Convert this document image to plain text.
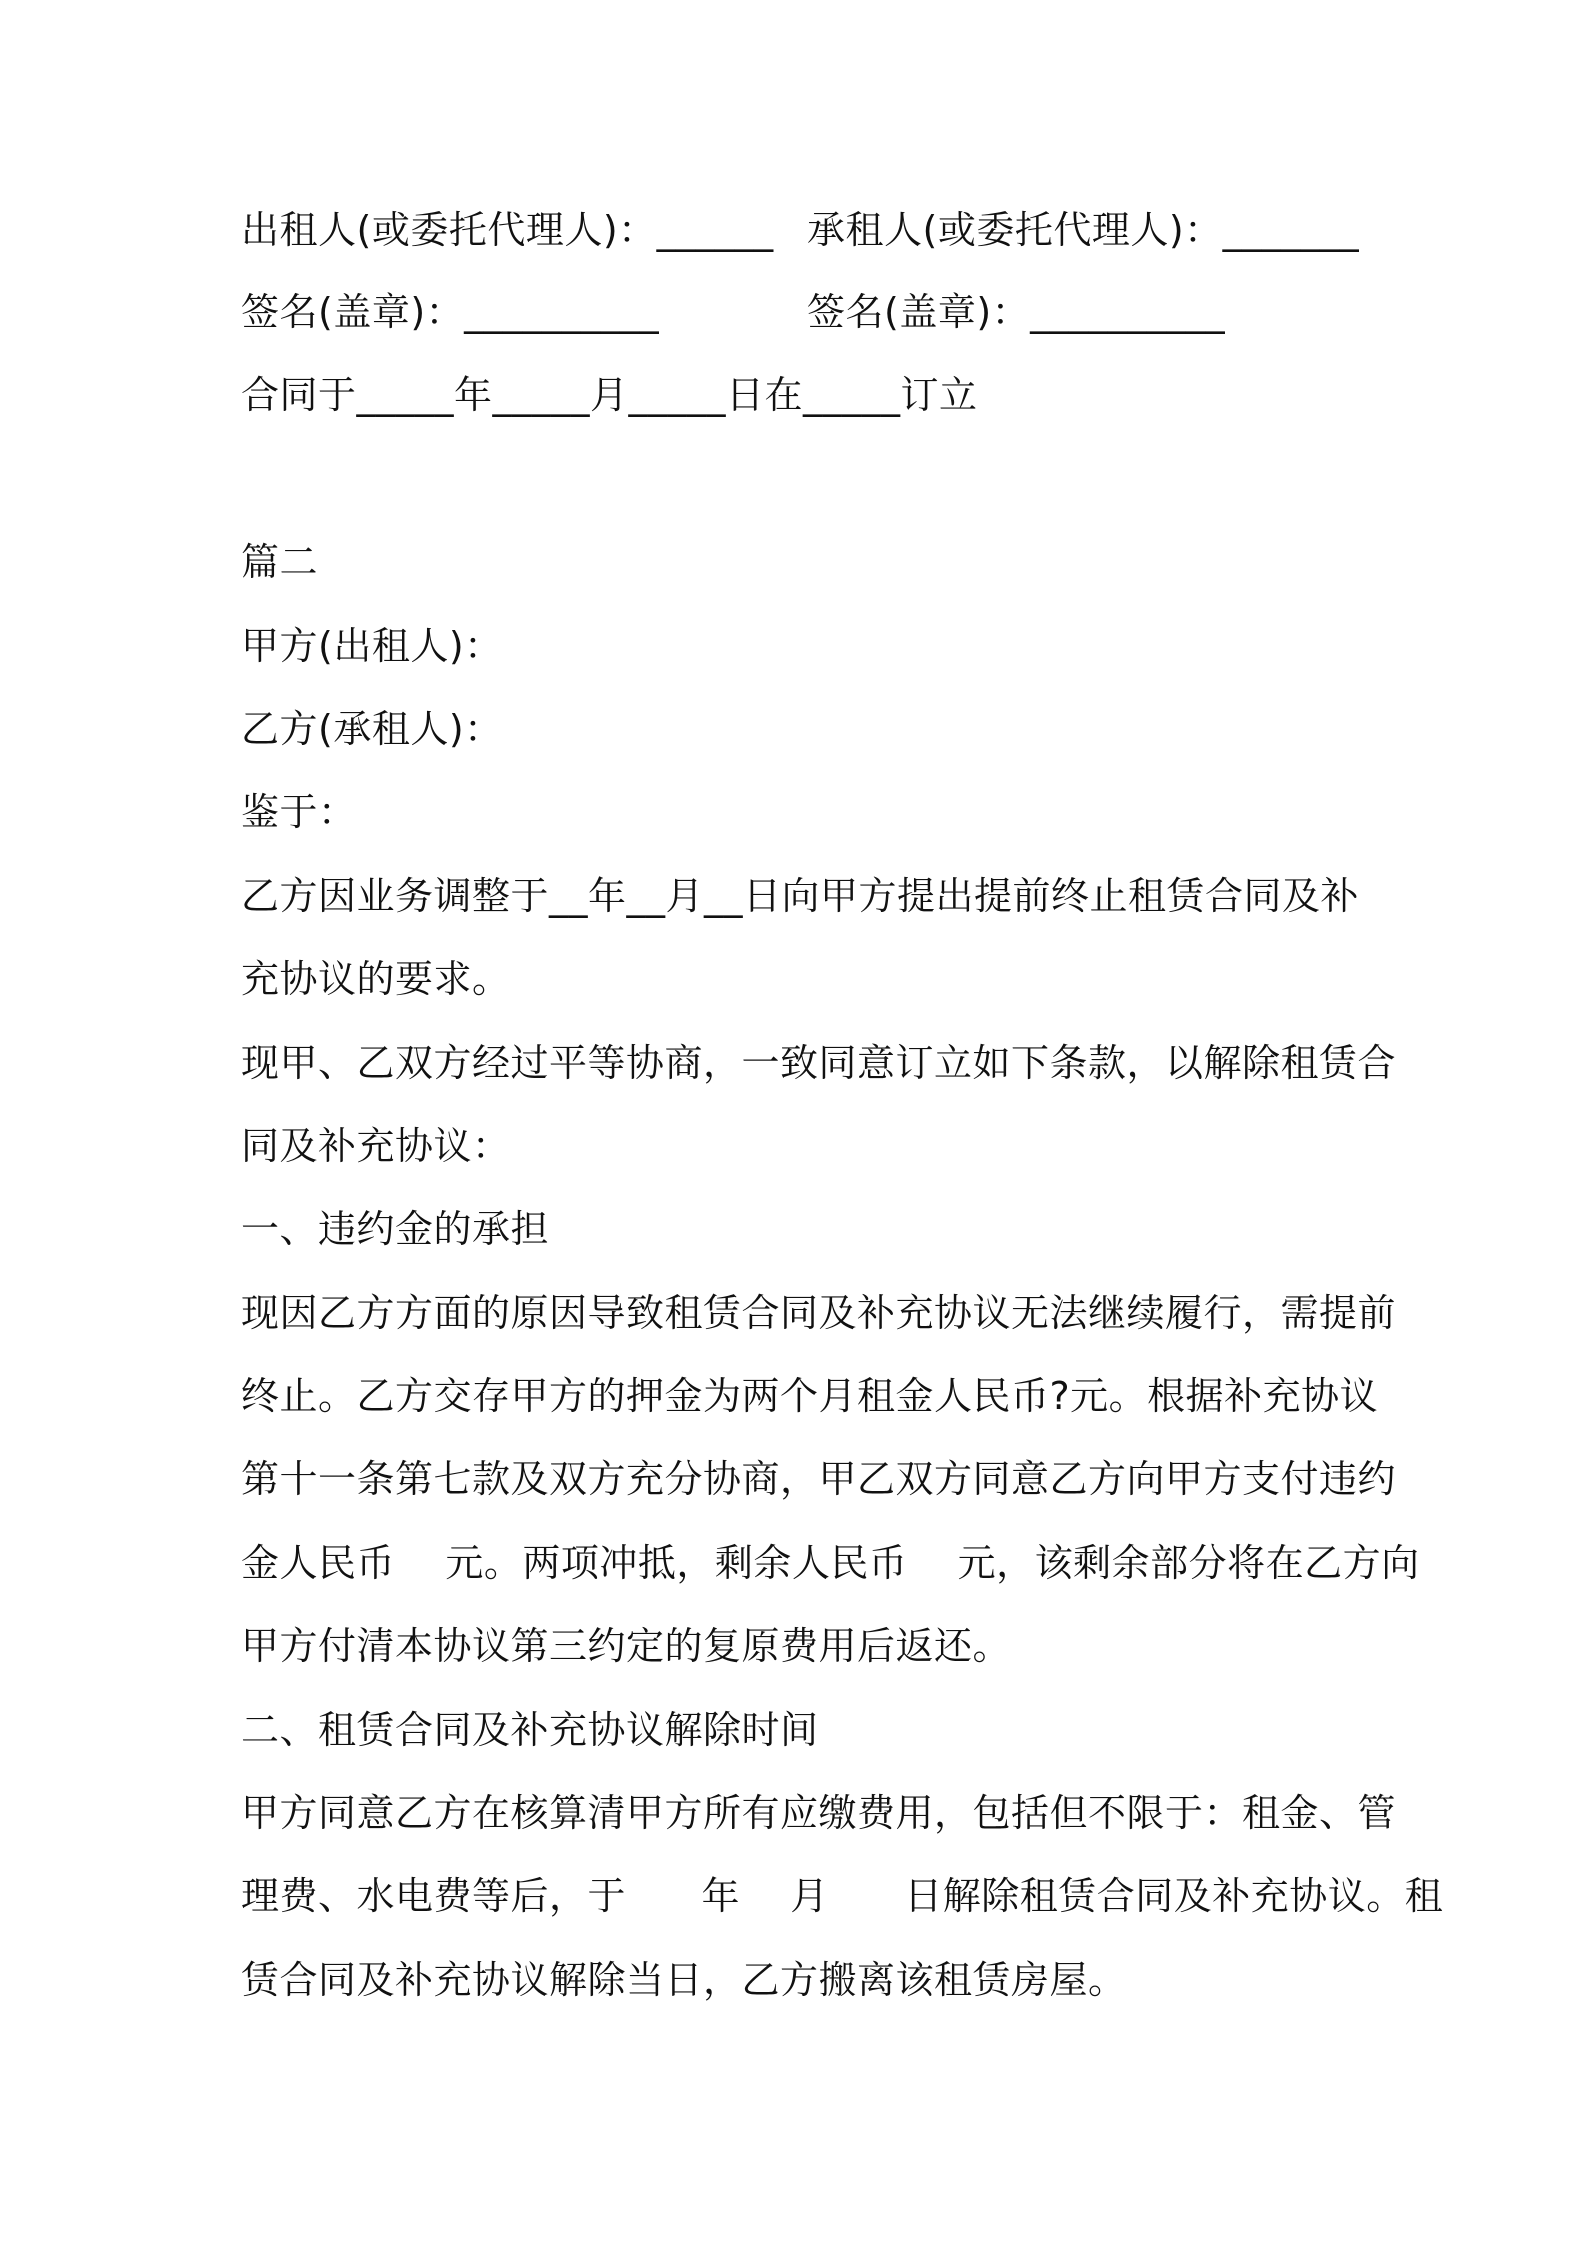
出租人(或委托代理人)：______ 承租人(或委托代理人)：_______
签名(盖章)：__________	签名(盖章)：__________
合同于_____年_____月_____日在_____订立
篇二
甲方(出租人)：
乙方(承租人)：
鉴于：
乙方因业务调整于__年__月__日向甲方提出提前终止租赁合同及补
充协议的要求。
现甲、乙双方经过平等协商，一致同意订立如下条款，以解除租赁合
同及补充协议：
一、违约金的承担
现因乙方方面的原因导致租赁合同及补充协议无法继续履行，需提前
终止。乙方交存甲方的押金为两个月租金人民币?元。根据补充协议
第十一条第七款及双方充分协商，甲乙双方同意乙方向甲方支付违约
金人民币    元。两项冲抵，剩余人民币    元，该剩余部分将在乙方向
甲方付清本协议第三约定的复原费用后返还。
二、租赁合同及补充协议解除时间
甲方同意乙方在核算清甲方所有应缴费用，包括但不限于：租金、管
理费、水电费等后，于      年    月      日解除租赁合同及补充协议。租
赁合同及补充协议解除当日，乙方搬离该租赁房屋。
